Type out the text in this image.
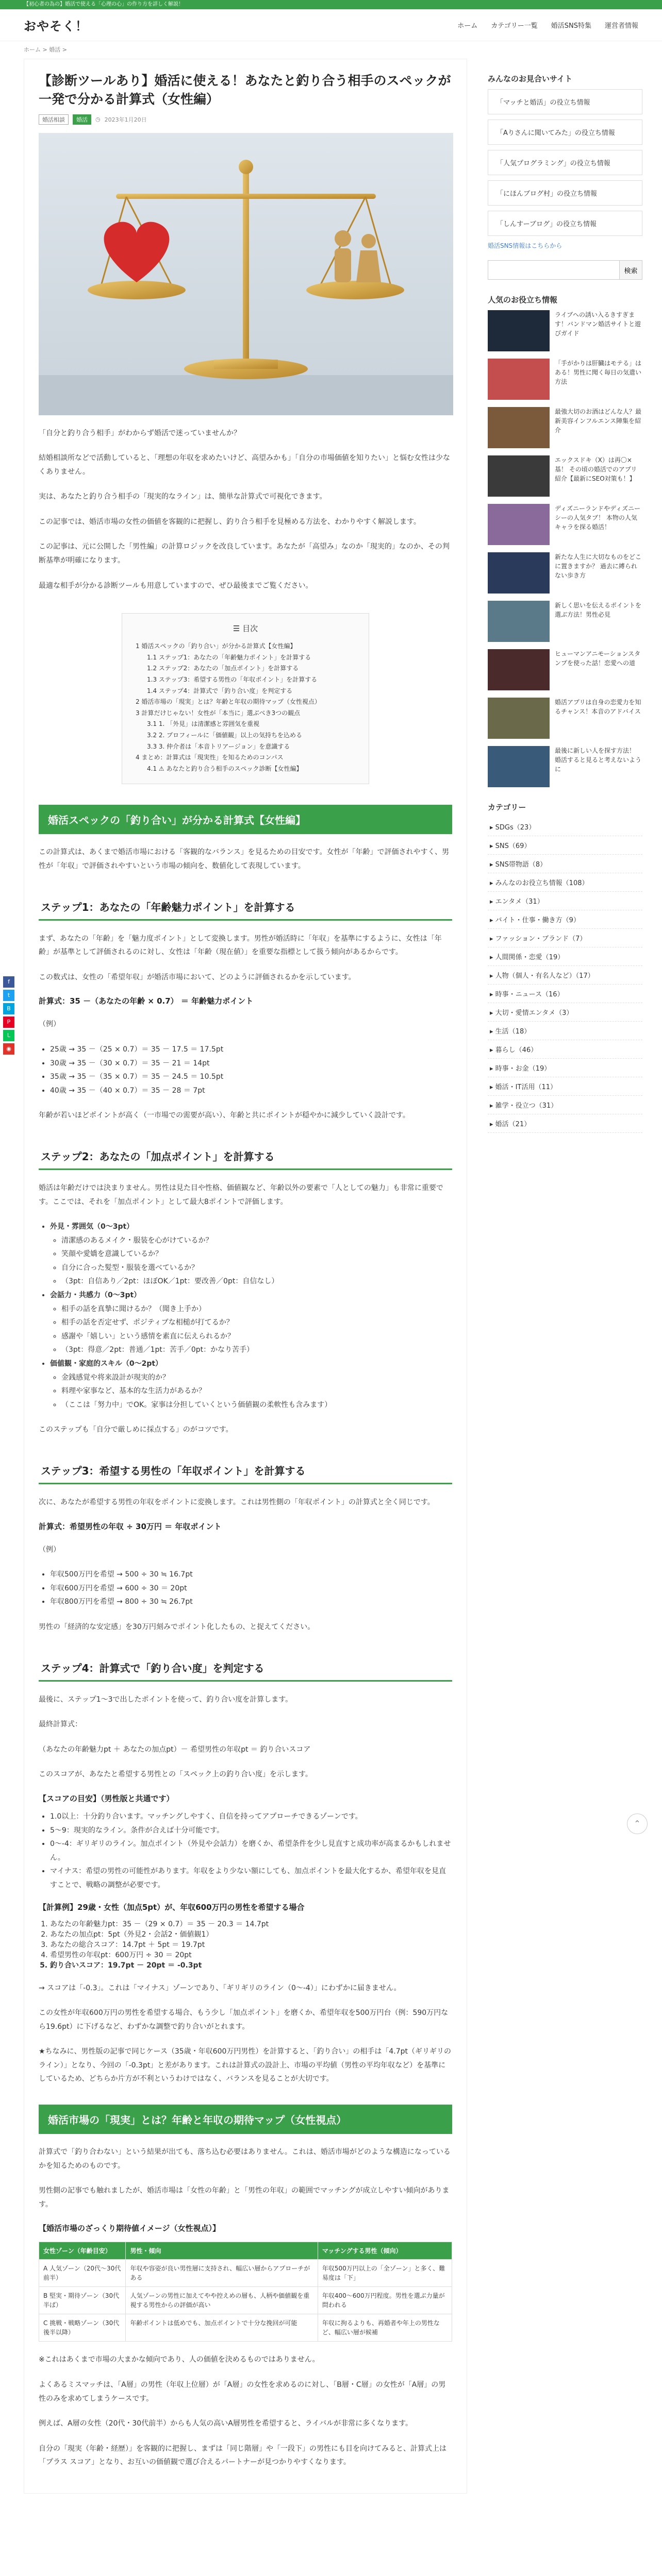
【初心者の為の】婚活で使える「心理の心」の作り方を詳しく解説！
おやそく！	ホーム カテゴリー一覧 婚活SNS特集 運営者情報
ホーム > 婚活 >
【診断ツールあり】婚活に使える！あなたと釣り合う相手のスペックが一発で分かる計算式（女性編）
婚活相談	婚活	◷ 2023年1月20日

「自分と釣り合う相手」がわからず婚活で迷っていませんか？

結婚相談所などで活動していると、「理想の年収を求めたいけど、高望みかも」「自分の市場価値を知りたい」と悩む女性は少なくありません。

実は、あなたと釣り合う相手の「現実的なライン」は、簡単な計算式で可視化できます。

この記事では、婚活市場の女性の価値を客観的に把握し、釣り合う相手を見極める方法を、わかりやすく解説します。

この記事は、元に公開した「男性編」の計算ロジックを改良しています。あなたが「高望み」なのか「現実的」なのか、その判断基準が明確になります。

最適な相手が分かる診断ツールも用意していますので、ぜひ最後までご覧ください。

☰ 目次
1 婚活スペックの「釣り合い」が分かる計算式【女性編】
1.1 ステップ1：あなたの「年齢魅力ポイント」を計算する
1.2 ステップ2：あなたの「加点ポイント」を計算する
1.3 ステップ3：希望する男性の「年収ポイント」を計算する
1.4 ステップ4：計算式で「釣り合い度」を判定する
2 婚活市場の「現実」とは？年齢と年収の期待マップ（女性視点）
3 計算だけじゃない！女性が「本当に」選ぶべき3つの観点
3.1 1. 「外見」は清潔感と雰囲気を重視
3.2 2. プロフィールに「価値観」以上の気持ちを込める
3.3 3. 仲介者は「本音トリアージョン」を意識する
4 まとめ：計算式は「現実性」を知るためのコンパス
4.1 ⚠ あなたと釣り合う相手のスペック診断【女性編】
婚活スペックの「釣り合い」が分かる計算式【女性編】

この計算式は、あくまで婚活市場における「客観的なバランス」を見るための目安です。女性が「年齢」で評価されやすく、男性が「年収」で評価されやすいという市場の傾向を、数値化して表現しています。

ステップ1：あなたの「年齢魅力ポイント」を計算する

まず、あなたの「年齢」を「魅力度ポイント」として変換します。男性が婚活時に「年収」を基準にするように、女性は「年齢」が基準として評価されるのに対し、女性は「年齢（現在値）」を重要な指標として扱う傾向があるからです。

この数式は、女性の「希望年収」が婚活市場において、どのように評価されるかを示しています。

計算式：35 －（あなたの年齢 × 0.7） ＝ 年齢魅力ポイント

（例）

• 25歳 → 35 －（25 × 0.7）＝ 35 － 17.5 ＝ 17.5pt
• 30歳 → 35 －（30 × 0.7）＝ 35 － 21 ＝ 14pt
• 35歳 → 35 －（35 × 0.7）＝ 35 － 24.5 ＝ 10.5pt
• 40歳 → 35 －（40 × 0.7）＝ 35 － 28 ＝ 7pt

年齢が若いほどポイントが高く（一市場での需要が高い）、年齢と共にポイントが穏やかに減少していく設計です。

ステップ2：あなたの「加点ポイント」を計算する

婚活は年齢だけでは決まりません。男性は見た目や性格、価値観など、年齢以外の要素で「人としての魅力」も非常に重要です。ここでは、それを「加点ポイント」として最大8ポイントで評価します。

• 外見・雰囲気（0〜3pt）
◦ 清潔感のあるメイク・服装を心がけているか？
◦ 笑顔や愛嬌を意識しているか？
◦ 自分に合った髪型・服装を選べているか？
◦ （3pt：自信あり／2pt：ほぼOK／1pt：要改善／0pt：自信なし）
• 会話力・共感力（0〜3pt）
◦ 相手の話を真摯に聞けるか？（聞き上手か）
◦ 相手の話を否定せず、ポジティブな相槌が打てるか？
◦ 感謝や「嬉しい」という感情を素直に伝えられるか？
◦ （3pt：得意／2pt：普通／1pt：苦手／0pt：かなり苦手）
• 価値観・家庭的スキル（0〜2pt）
◦ 金銭感覚や将来設計が現実的か？
◦ 料理や家事など、基本的な生活力があるか？
◦ （ここは「努力中」でOK。家事は分担していくという価値観の柔軟性も含みます）

このステップも「自分で厳しめに採点する」のがコツです。

ステップ3：希望する男性の「年収ポイント」を計算する

次に、あなたが希望する男性の年収をポイントに変換します。これは男性側の「年収ポイント」の計算式と全く同じです。

計算式：希望男性の年収 ÷ 30万円 ＝ 年収ポイント

（例）

• 年収500万円を希望 → 500 ÷ 30 ≒ 16.7pt
• 年収600万円を希望 → 600 ÷ 30 ＝ 20pt
• 年収800万円を希望 → 800 ÷ 30 ≒ 26.7pt

男性の「経済的な安定感」を30万円刻みでポイント化したもの、と捉えてください。

ステップ4：計算式で「釣り合い度」を判定する

最後に、ステップ1〜3で出したポイントを使って、釣り合い度を計算します。

最終計算式：

（あなたの年齢魅力pt ＋ あなたの加点pt）－ 希望男性の年収pt ＝ 釣り合いスコア

このスコアが、あなたと希望する男性との「スペック上の釣り合い度」を示します。

【スコアの目安】（男性版と共通です）
• 1.0以上：十分釣り合います。マッチングしやすく、自信を持ってアプローチできるゾーンです。
• 5〜9：現実的なライン。条件が合えば十分可能です。
• 0〜-4：ギリギリのライン。加点ポイント（外見や会話力）を磨くか、希望条件を少し見直すと成功率が高まるかもしれません。
• マイナス：希望の男性の可能性があります。年収をより少ない額にしても、加点ポイントを最大化するか、希望年収を見直すことで、戦略の調整が必要です。
【計算例】29歳・女性（加点5pt）が、年収600万円の男性を希望する場合
1. あなたの年齢魅力pt：35 －（29 × 0.7）＝ 35 － 20.3 ＝ 14.7pt
2. あなたの加点pt：5pt（外見2・会話2・価値観1）
3. あなたの総合スコア：14.7pt ＋ 5pt ＝ 19.7pt
4. 希望男性の年収pt：600万円 ÷ 30 ＝ 20pt
5. 釣り合いスコア：19.7pt － 20pt ＝ -0.3pt

→ スコアは「-0.3」。これは「マイナス」ゾーンであり、「ギリギリのライン（0〜-4）」にわずかに届きません。

この女性が年収600万円の男性を希望する場合、もう少し「加点ポイント」を磨くか、希望年収を500万円台（例：590万円なら19.6pt）に下げるなど、わずかな調整で釣り合いがとれます。

★ちなみに、男性版の記事で同じケース（35歳・年収600万円男性）を計算すると、「釣り合い」の相手は「4.7pt（ギリギリのライン）」となり、今回の「-0.3pt」と差があります。これは計算式の設計上、市場の平均値（男性の平均年収など）を基準にしているため、どちらか片方が不利というわけではなく、バランスを見ることが大切です。

婚活市場の「現実」とは？年齢と年収の期待マップ（女性視点）

計算式で「釣り合わない」という結果が出ても、落ち込む必要はありません。これは、婚活市場がどのような構造になっているかを知るためのものです。

男性側の記事でも触れましたが、婚活市場は「女性の年齢」と「男性の年収」の範囲でマッチングが成立しやすい傾向があります。

【婚活市場のざっくり期待値イメージ（女性視点）】
女性ゾーン（年齢目安）	男性・傾向	マッチングする男性（傾向）
A 人気ゾーン（20代〜30代前半）	年収や容姿が良い男性層に支持され、幅広い層からアプローチがある	年収500万円以上の「全ゾーン」と多く、難易度は「下」
B 堅実・期待ゾーン（30代半ば）	人気ゾーンの男性に加えてやや控えめの層も、人柄や価値観を重視する男性からの評価が高い	年収400〜600万円程度。男性を選ぶ力量が問われる
C 挑戦・戦略ゾーン（30代後半以降）	年齢ポイントは低めでも、加点ポイントで十分な挽回が可能	年収に拘るよりも、再婚者や年上の男性など、幅広い層が候補

※これはあくまで市場の大まかな傾向であり、人の価値を決めるものではありません。

よくあるミスマッチは、「A層」の男性（年収上位層）が「A層」の女性を求めるのに対し、「B層・C層」の女性が「A層」の男性のみを求めてしまうケースです。

例えば、A層の女性（20代・30代前半）からも人気の高いA層男性を希望すると、ライバルが非常に多くなります。

自分の「現実（年齢・経歴）」を客観的に把握し、まずは「同じ階層」や「一段下」の男性にも目を向けてみると、計算式上は「プラス スコア」となり、お互いの価値観で選び合えるパートナーが見つかりやすくなります。

みんなのお見合いサイト
「マッチと婚活」の役立ち情報
「Aりさんに聞いてみた」の役立ち情報
「人気プログラミング」の役立ち情報
「にほんブログ村」の役立ち情報
「しんすーブログ」の役立ち情報
婚活SNS情報はこちらから
検索
人気のお役立ち情報
ライブへの誘い入るきすぎます！バンドマン婚活サイトと遊びガイド
「手がかりは肝臓はモテる」はある！男性に聞く毎日の気遣い方法
最強大切のお酒はどんな人？最新美容インフルエンス陣集を紹介
エックスドキ（X）は再〇×基！ その頃の婚活でのアプリ紹介【最新にSEO対策も！】
ディズニーランドやディズニーシーの人気タブ！ 本物の人気キャラを探る婚活！
新たな人生に大切なものをどこに置きますか？ 過去に縛られない歩き方
新しく思いを伝えるポイントを選ぶ方法！男性必見
ヒューマンアニモーションスタンプを使った話！恋愛への道
婚活アプリは自身の恋愛力を知るチャンス！本音のアドバイス
最後に新しい人を探す方法！ 婚活すると見ると考えないように
カテゴリー
▸ SDGs（23）
▸ SNS（69）
▸ SNS帯物語（8）
▸ みんなのお役立ち情報（108）
▸ エンタメ（31）
▸ バイト・仕事・働き方（9）
▸ ファッション・ブランド（7）
▸ 人間関係・恋愛（19）
▸ 人物（個人・有名人など）（17）
▸ 時事・ニュース（16）
▸ 大切・愛情エンタメ（3）
▸ 生活（18）
▸ 暮らし（46）
▸ 時事・お金（19）
▸ 婚活・IT活用（11）
▸ 雑学・役立つ（31）
▸ 婚活（21）
f
t
B
P
L
◉
⌃
